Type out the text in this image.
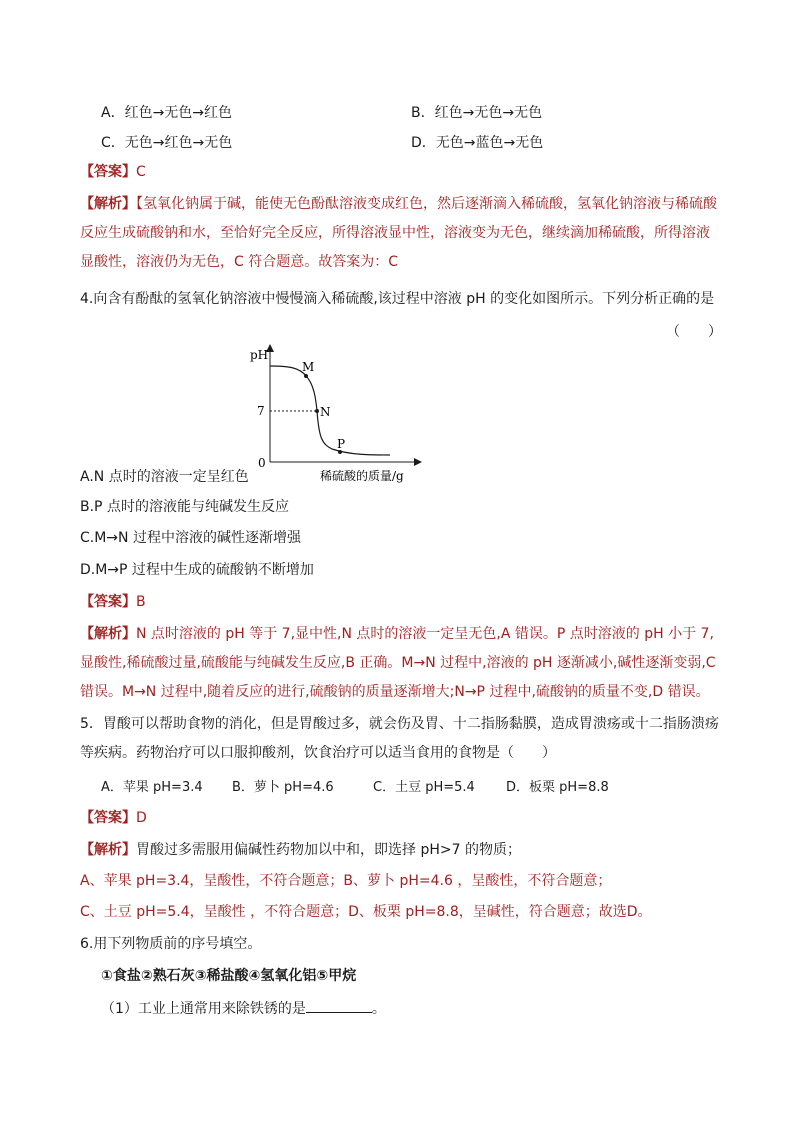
A．红色→无色→红色	B．红色→无色→无色
C．无色→红色→无色	D．无色→蓝色→无色
【答案】C
【解析】【氢氧化钠属于碱，能使无色酚酞溶液变成红色，然后逐渐滴入稀硫酸，氢氧化钠溶液与稀硫酸反应生成硫酸钠和水，至恰好完全反应，所得溶液显中性，溶液变为无色，继续滴加稀硫酸，所得溶液显酸性，溶液仍为无色，C 符合题意。故答案为：C
4.向含有酚酞的氢氧化钠溶液中慢慢滴入稀硫酸,该过程中溶液 pH 的变化如图所示。下列分析正确的是
（　　）
pH
0
7
M
N
P
稀硫酸的质量/g
A.N 点时的溶液一定呈红色
B.P 点时的溶液能与纯碱发生反应
C.M→N 过程中溶液的碱性逐渐增强
D.M→P 过程中生成的硫酸钠不断增加
【答案】B
【解析】N 点时溶液的 pH 等于 7,显中性,N 点时的溶液一定呈无色,A 错误。P 点时溶液的 pH 小于 7,显酸性,稀硫酸过量,硫酸能与纯碱发生反应,B 正确。M→N 过程中,溶液的 pH 逐渐减小,碱性逐渐变弱,C 错误。M→N 过程中,随着反应的进行,硫酸钠的质量逐渐增大;N→P 过程中,硫酸钠的质量不变,D 错误。
5．胃酸可以帮助食物的消化，但是胃酸过多，就会伤及胃、十二指肠黏膜，造成胃溃疡或十二指肠溃疡等疾病。药物治疗可以口服抑酸剂，饮食治疗可以适当食用的食物是（　　）
A．苹果 pH=3.4 B．萝卜 pH=4.6	C．土豆 pH=5.4 D．板栗 pH=8.8
【答案】D
【解析】胃酸过多需服用偏碱性药物加以中和，即选择 pH>7 的物质；
A、苹果 pH=3.4，呈酸性，不符合题意；B、萝卜 pH=4.6 ，呈酸性，不符合题意；
C、土豆 pH=5.4，呈酸性 ，不符合题意；D、板栗 pH=8.8，呈碱性，符合题意；故选D。
6.用下列物质前的序号填空。
①食盐②熟石灰③稀盐酸④氢氧化铝⑤甲烷
（1）工业上通常用来除铁锈的是	。
